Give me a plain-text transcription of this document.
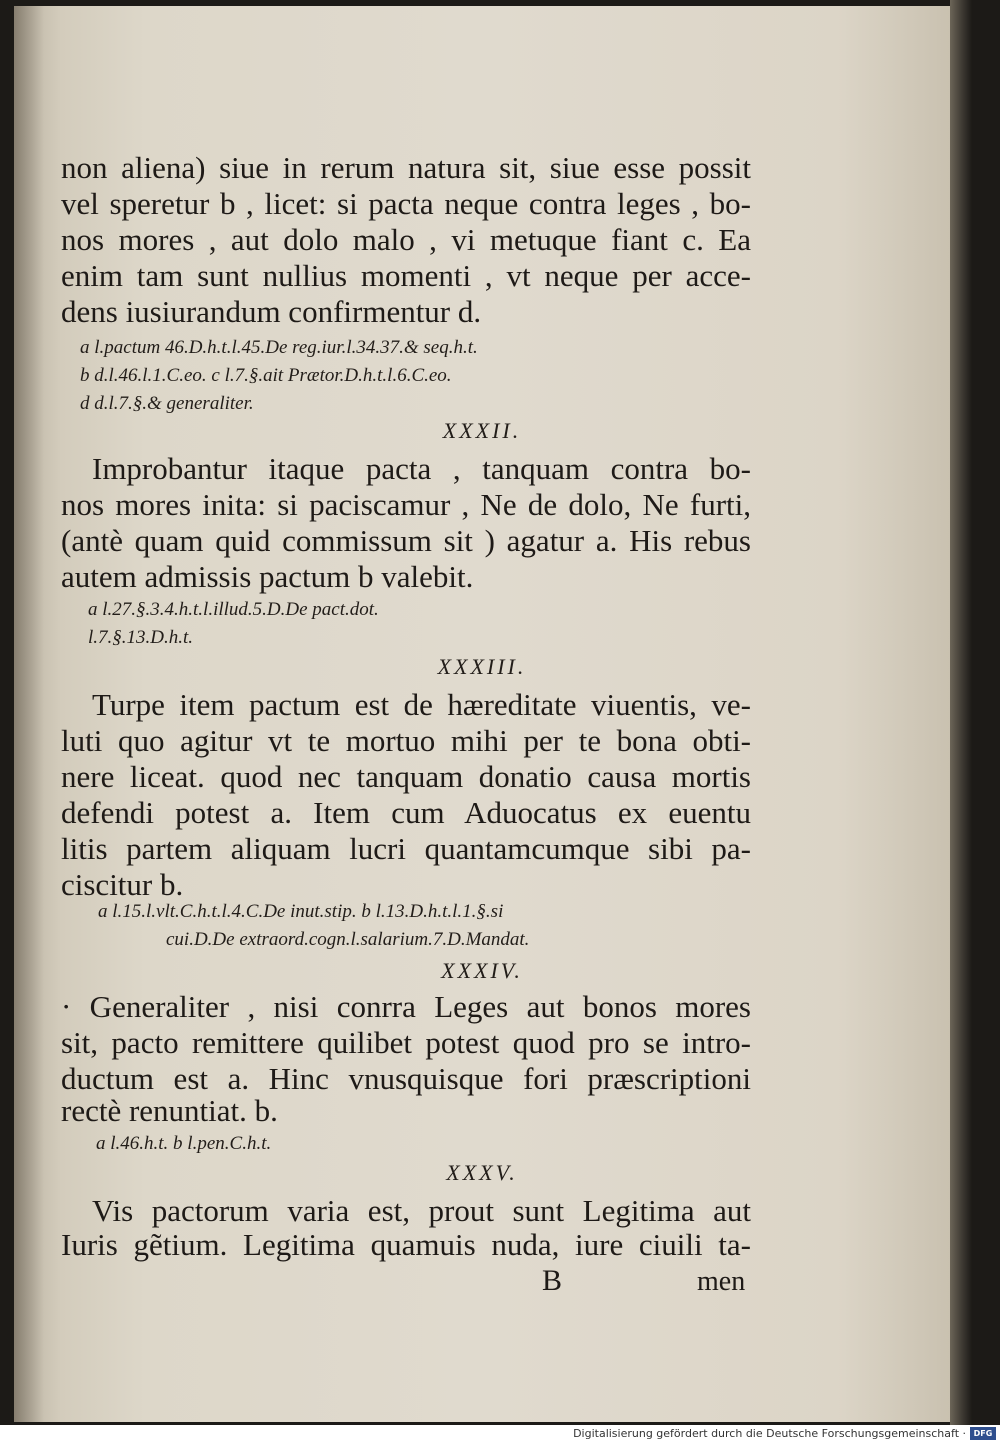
non aliena) siue in rerum natura sit, siue esse possit
vel speretur b , licet: si pacta neque contra leges , bo-
nos mores , aut dolo malo , vi metuque fiant c. Ea
enim tam sunt nullius momenti , vt neque per acce-
dens iusiurandum confirmentur d.
a l.pactum 46.D.h.t.l.45.De reg.iur.l.34.37.& seq.h.t.
b d.l.46.l.1.C.eo. c l.7.§.ait Prætor.D.h.t.l.6.C.eo.
d d.l.7.§.& generaliter.
XXXII.
Improbantur itaque pacta , tanquam contra bo-
nos mores inita: si paciscamur , Ne de dolo, Ne furti,
(antè quam quid commissum sit ) agatur a. His rebus
autem admissis pactum b valebit.
a l.27.§.3.4.h.t.l.illud.5.D.De pact.dot.
l.7.§.13.D.h.t.
XXXIII.
Turpe item pactum est de hæreditate viuentis, ve-
luti quo agitur vt te mortuo mihi per te bona obti-
nere liceat. quod nec tanquam donatio causa mortis
defendi potest a. Item cum Aduocatus ex euentu
litis partem aliquam lucri quantamcumque sibi pa-
ciscitur b.
a l.15.l.vlt.C.h.t.l.4.C.De inut.stip. b l.13.D.h.t.l.1.§.si
cui.D.De extraord.cogn.l.salarium.7.D.Mandat.
XXXIV.
· Generaliter , nisi conrra Leges aut bonos mores
sit, pacto remittere quilibet potest quod pro se intro-
ductum est a. Hinc vnusquisque fori præscriptioni
rectè renuntiat. b.
a l.46.h.t. b l.pen.C.h.t.
XXXV.
Vis pactorum varia est, prout sunt Legitima aut
Iuris gẽtium. Legitima quamuis nuda, iure ciuili ta-
B	men
Digitalisierung gefördert durch die Deutsche Forschungsgemeinschaft · DFG
